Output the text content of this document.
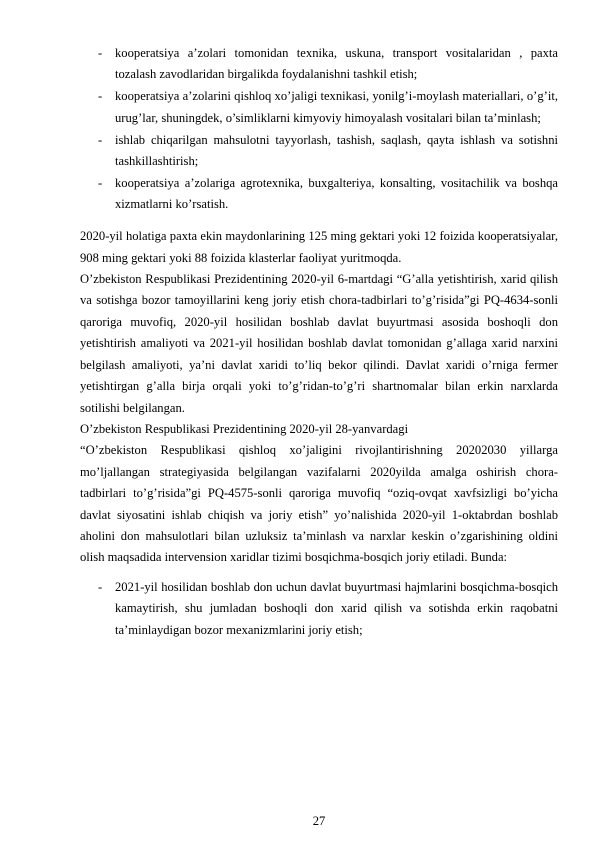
- kooperatsiya a’zolari tomonidan texnika, uskuna, transport vositalaridan , paxta tozalash zavodlaridan birgalikda foydalanishni tashkil etish;
- kooperatsiya a’zolarini qishloq xo’jaligi texnikasi, yonilg’i-moylash materiallari, o’g’it, urug’lar, shuningdek, o’simliklarni kimyoviy himoyalash vositalari bilan ta’minlash;
- ishlab chiqarilgan mahsulotni tayyorlash, tashish, saqlash, qayta ishlash va sotishni tashkillashtirish;
- kooperatsiya a’zolariga agrotexnika, buxgalteriya, konsalting, vositachilik va boshqa xizmatlarni ko’rsatish.

2020-yil holatiga paxta ekin maydonlarining 125 ming gektari yoki 12 foizida kooperatsiyalar, 908 ming gektari yoki 88 foizida klasterlar faoliyat yuritmoqda.

O’zbekiston Respublikasi Prezidentining 2020-yil 6-martdagi “G’alla yetishtirish, xarid qilish va sotishga bozor tamoyillarini keng joriy etish chora-tadbirlari to’g’risida”gi PQ-4634-sonli qaroriga muvofiq, 2020-yil hosilidan boshlab davlat buyurtmasi asosida boshoqli don yetishtirish amaliyoti va 2021-yil hosilidan boshlab davlat tomonidan g’allaga xarid narxini belgilash amaliyoti, ya’ni davlat xaridi to’liq bekor qilindi. Davlat xaridi o’rniga fermer yetishtirgan g’alla birja orqali yoki to’g’ridan-to’g’ri shartnomalar bilan erkin narxlarda sotilishi belgilangan.

O’zbekiston Respublikasi Prezidentining 2020-yil 28-yanvardagi

“O’zbekiston Respublikasi qishloq xo’jaligini rivojlantirishning 20202030 yillarga mo’ljallangan strategiyasida belgilangan vazifalarni 2020yilda amalga oshirish chora-tadbirlari to’g’risida”gi PQ-4575-sonli qaroriga muvofiq “oziq-ovqat xavfsizligi bo’yicha davlat siyosatini ishlab chiqish va joriy etish” yo’nalishida 2020-yil 1-oktabrdan boshlab aholini don mahsulotlari bilan uzluksiz ta’minlash va narxlar keskin o’zgarishining oldini olish maqsadida intervension xaridlar tizimi bosqichma-bosqich joriy etiladi. Bunda:

- 2021-yil hosilidan boshlab don uchun davlat buyurtmasi hajmlarini bosqichma-bosqich kamaytirish, shu jumladan boshoqli don xarid qilish va sotishda erkin raqobatni ta’minlaydigan bozor mexanizmlarini joriy etish;
27
